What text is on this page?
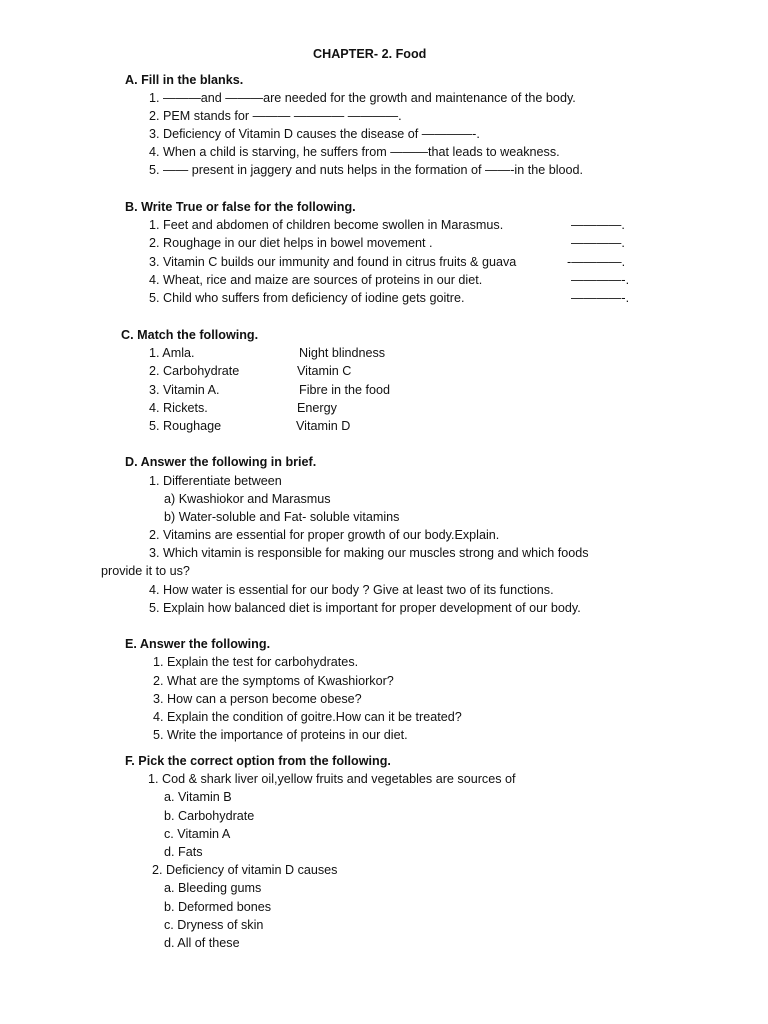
CHAPTER- 2. Food
A. Fill in the blanks.
1. ———and ———are needed for the growth and maintenance of the body.
2. PEM stands for ——— ———— ————.
3. Deficiency of Vitamin D causes the disease of ————-.
4. When a child is starving, he suffers from ———that leads to weakness.
5. —— present in jaggery and nuts helps in the formation of ——-in the blood.
B. Write True or false for the following.
1. Feet and abdomen of children become swollen in Marasmus.	————.
2. Roughage in our diet helps in bowel movement .	————.
3. Vitamin C builds our immunity and found in citrus fruits & guava	-————.
4. Wheat, rice and maize are sources of proteins in our diet.	————-.
5. Child who suffers from deficiency of iodine gets goitre.	————-.
C. Match the following.
1. Amla.	Night blindness
2. Carbohydrate	Vitamin C
3. Vitamin A.	Fibre in the food
4. Rickets.	Energy
5. Roughage	Vitamin D
D. Answer the following in brief.
1. Differentiate between
a) Kwashiokor and Marasmus
b) Water-soluble and Fat- soluble vitamins
2. Vitamins are essential for proper growth of our body.Explain.
3. Which vitamin is responsible for making our muscles strong and which foods
provide it to us?
4. How water is essential for our body ? Give at least two of its functions.
5. Explain how balanced diet is important for proper development of our body.
E. Answer the following.
1. Explain the test for carbohydrates.
2. What are the symptoms of Kwashiorkor?
3. How can a person become obese?
4. Explain the condition of goitre.How can it be treated?
5. Write the importance of proteins in our diet.
F. Pick the correct option from the following.
1. Cod & shark liver oil,yellow fruits and vegetables are sources of
a. Vitamin B
b. Carbohydrate
c. Vitamin A
d. Fats
2. Deficiency of vitamin D causes
a. Bleeding gums
b. Deformed bones
c. Dryness of skin
d. All of these
